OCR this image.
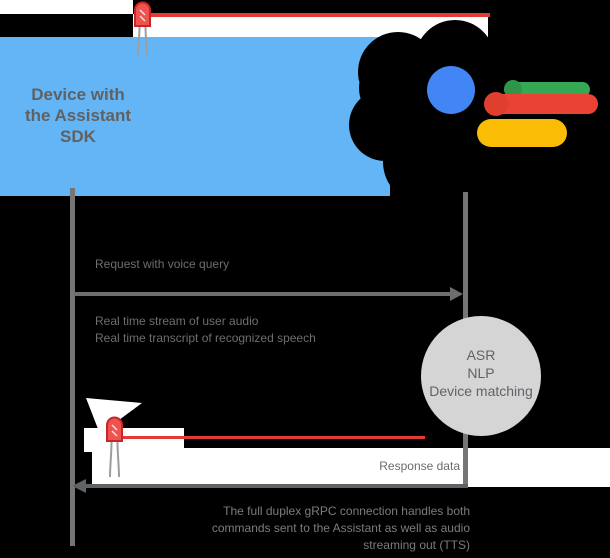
Device with
the Assistant
SDK
ASR
NLP
Device matching
Request with voice query
Real time stream of user audio
Real time transcript of recognized speech
Response data
The full duplex gRPC connection handles both
commands sent to the Assistant as well as audio
streaming out (TTS)
